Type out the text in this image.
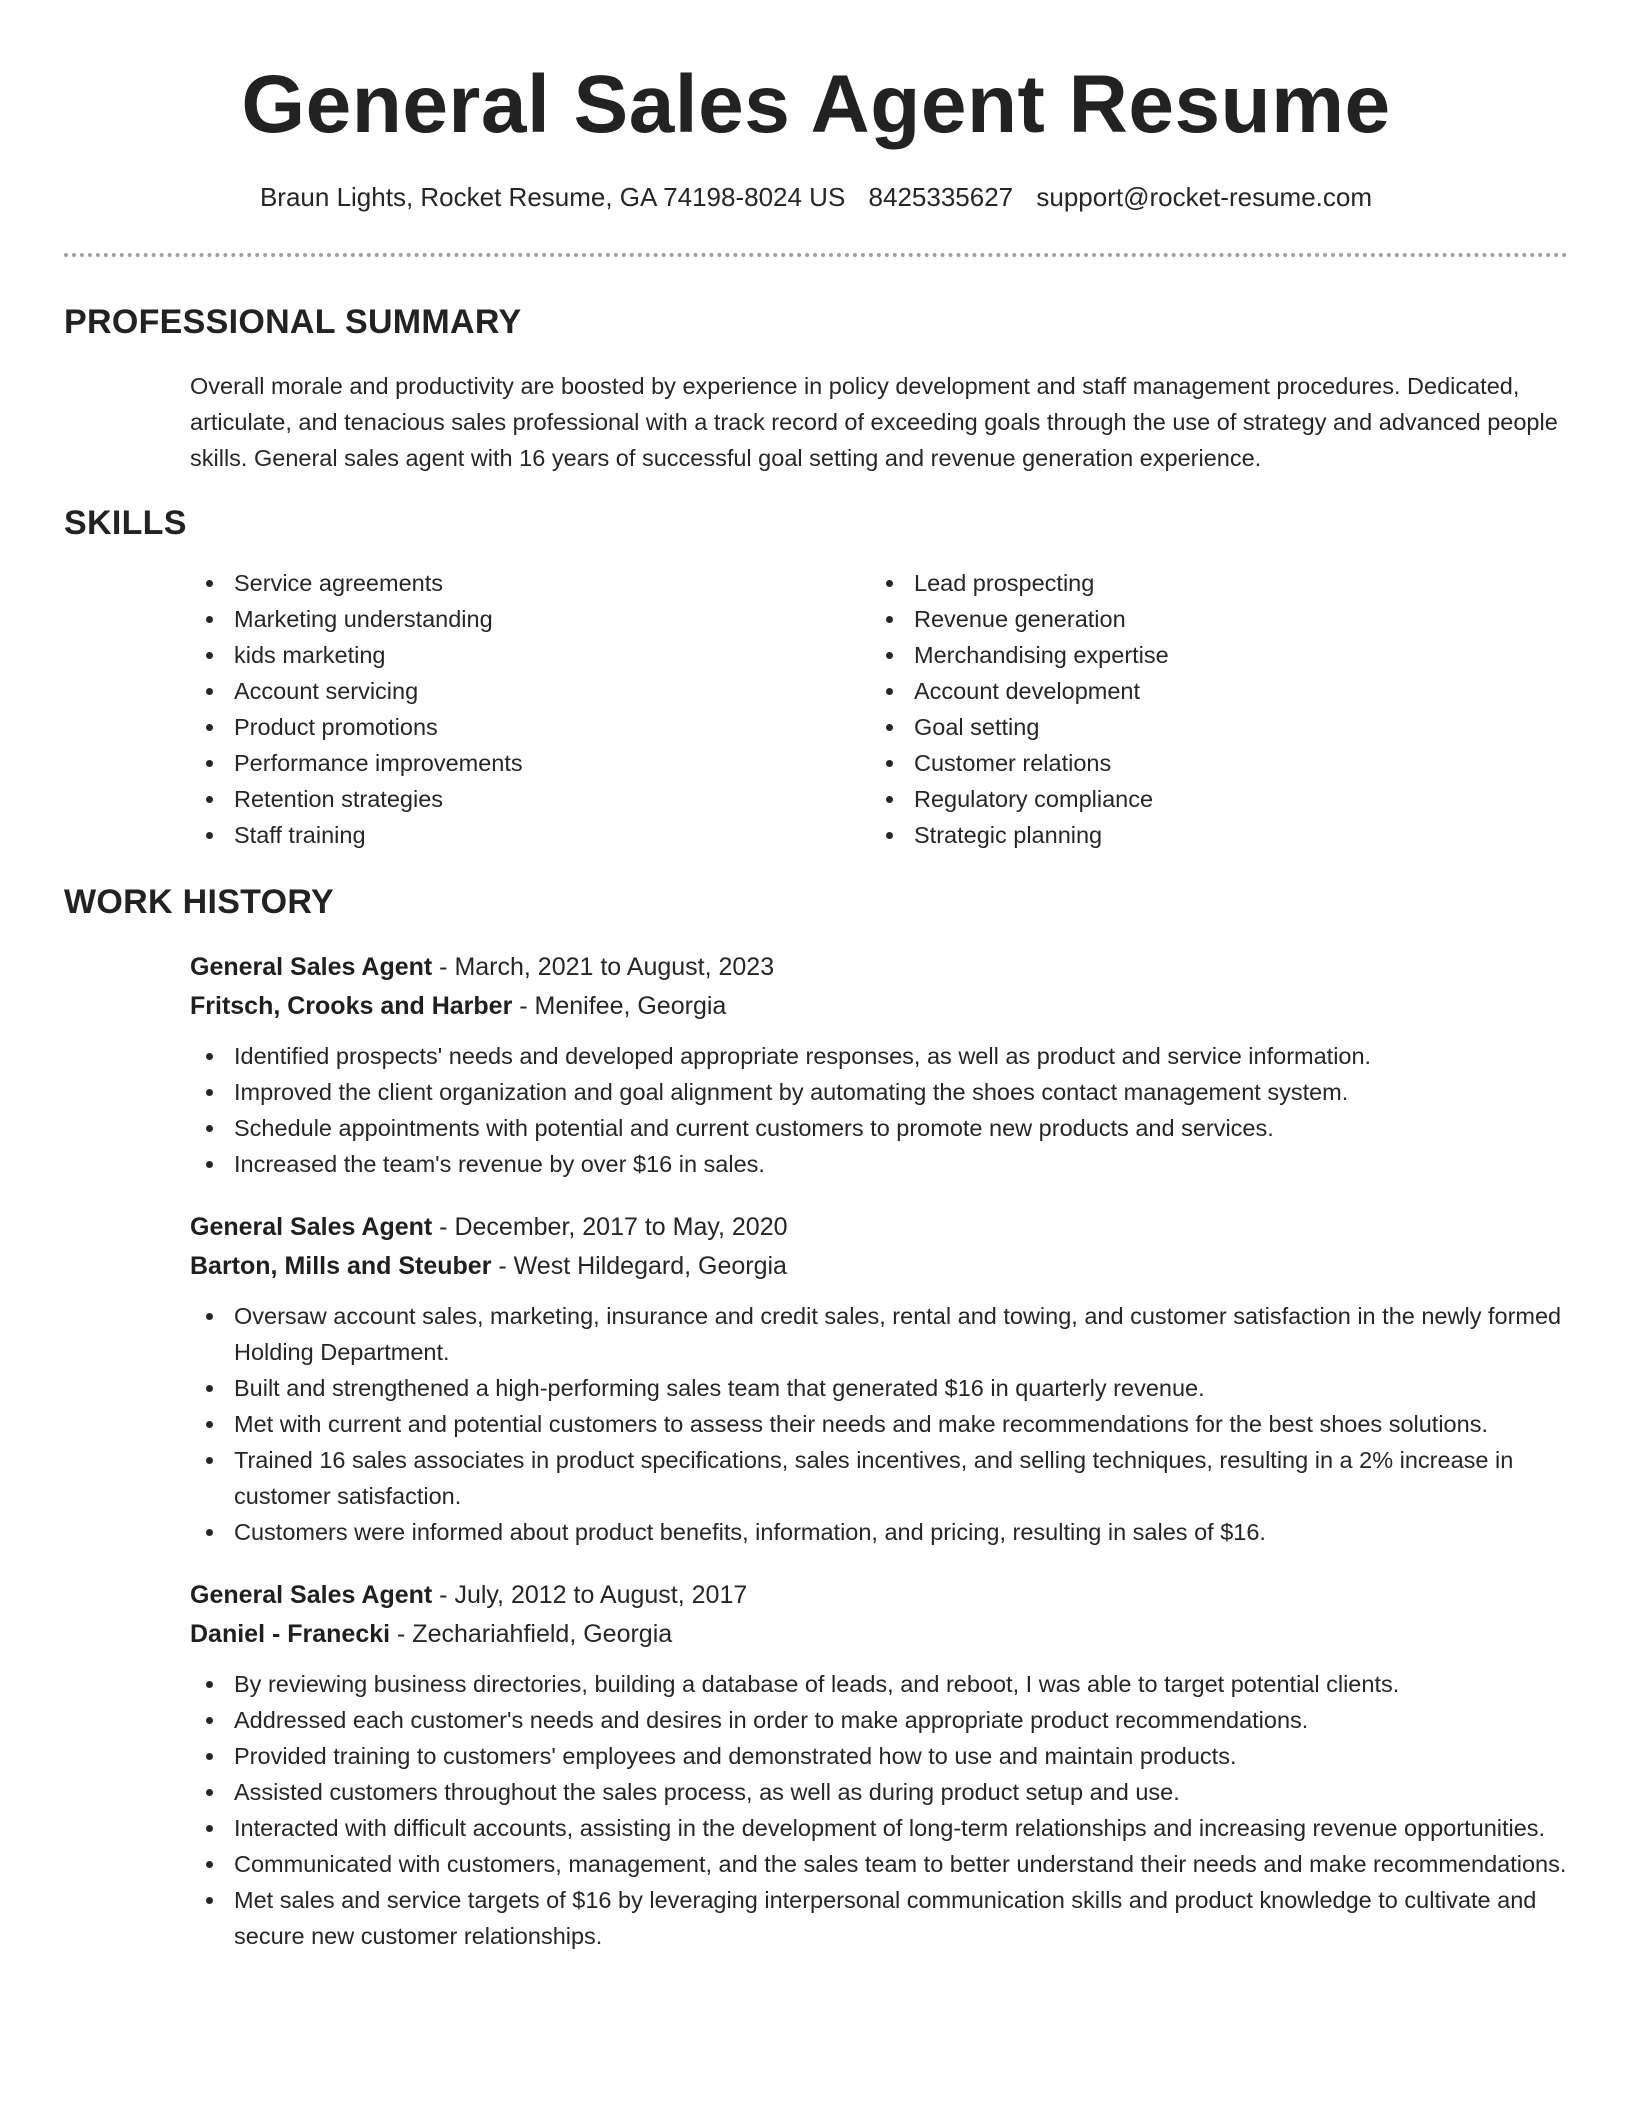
General Sales Agent Resume
Braun Lights, Rocket Resume, GA 74198-8024 US 8425335627 support@rocket-resume.com
PROFESSIONAL SUMMARY

Overall morale and productivity are boosted by experience in policy development and staff management procedures. Dedicated, articulate, and tenacious sales professional with a track record of exceeding goals through the use of strategy and advanced people skills. General sales agent with 16 years of successful goal setting and revenue generation experience.

SKILLS
Service agreements
Marketing understanding
kids marketing
Account servicing
Product promotions
Performance improvements
Retention strategies
Staff training
Lead prospecting
Revenue generation
Merchandising expertise
Account development
Goal setting
Customer relations
Regulatory compliance
Strategic planning
WORK HISTORY
General Sales Agent - March, 2021 to August, 2023
Fritsch, Crooks and Harber - Menifee, Georgia
Identified prospects' needs and developed appropriate responses, as well as product and service information.
Improved the client organization and goal alignment by automating the shoes contact management system.
Schedule appointments with potential and current customers to promote new products and services.
Increased the team's revenue by over $16 in sales.
General Sales Agent - December, 2017 to May, 2020
Barton, Mills and Steuber - West Hildegard, Georgia
Oversaw account sales, marketing, insurance and credit sales, rental and towing, and customer satisfaction in the newly formed Holding Department.
Built and strengthened a high-performing sales team that generated $16 in quarterly revenue.
Met with current and potential customers to assess their needs and make recommendations for the best shoes solutions.
Trained 16 sales associates in product specifications, sales incentives, and selling techniques, resulting in a 2% increase in customer satisfaction.
Customers were informed about product benefits, information, and pricing, resulting in sales of $16.
General Sales Agent - July, 2012 to August, 2017
Daniel - Franecki - Zechariahfield, Georgia
By reviewing business directories, building a database of leads, and reboot, I was able to target potential clients.
Addressed each customer's needs and desires in order to make appropriate product recommendations.
Provided training to customers' employees and demonstrated how to use and maintain products.
Assisted customers throughout the sales process, as well as during product setup and use.
Interacted with difficult accounts, assisting in the development of long-term relationships and increasing revenue opportunities.
Communicated with customers, management, and the sales team to better understand their needs and make recommendations.
Met sales and service targets of $16 by leveraging interpersonal communication skills and product knowledge to cultivate and secure new customer relationships.
